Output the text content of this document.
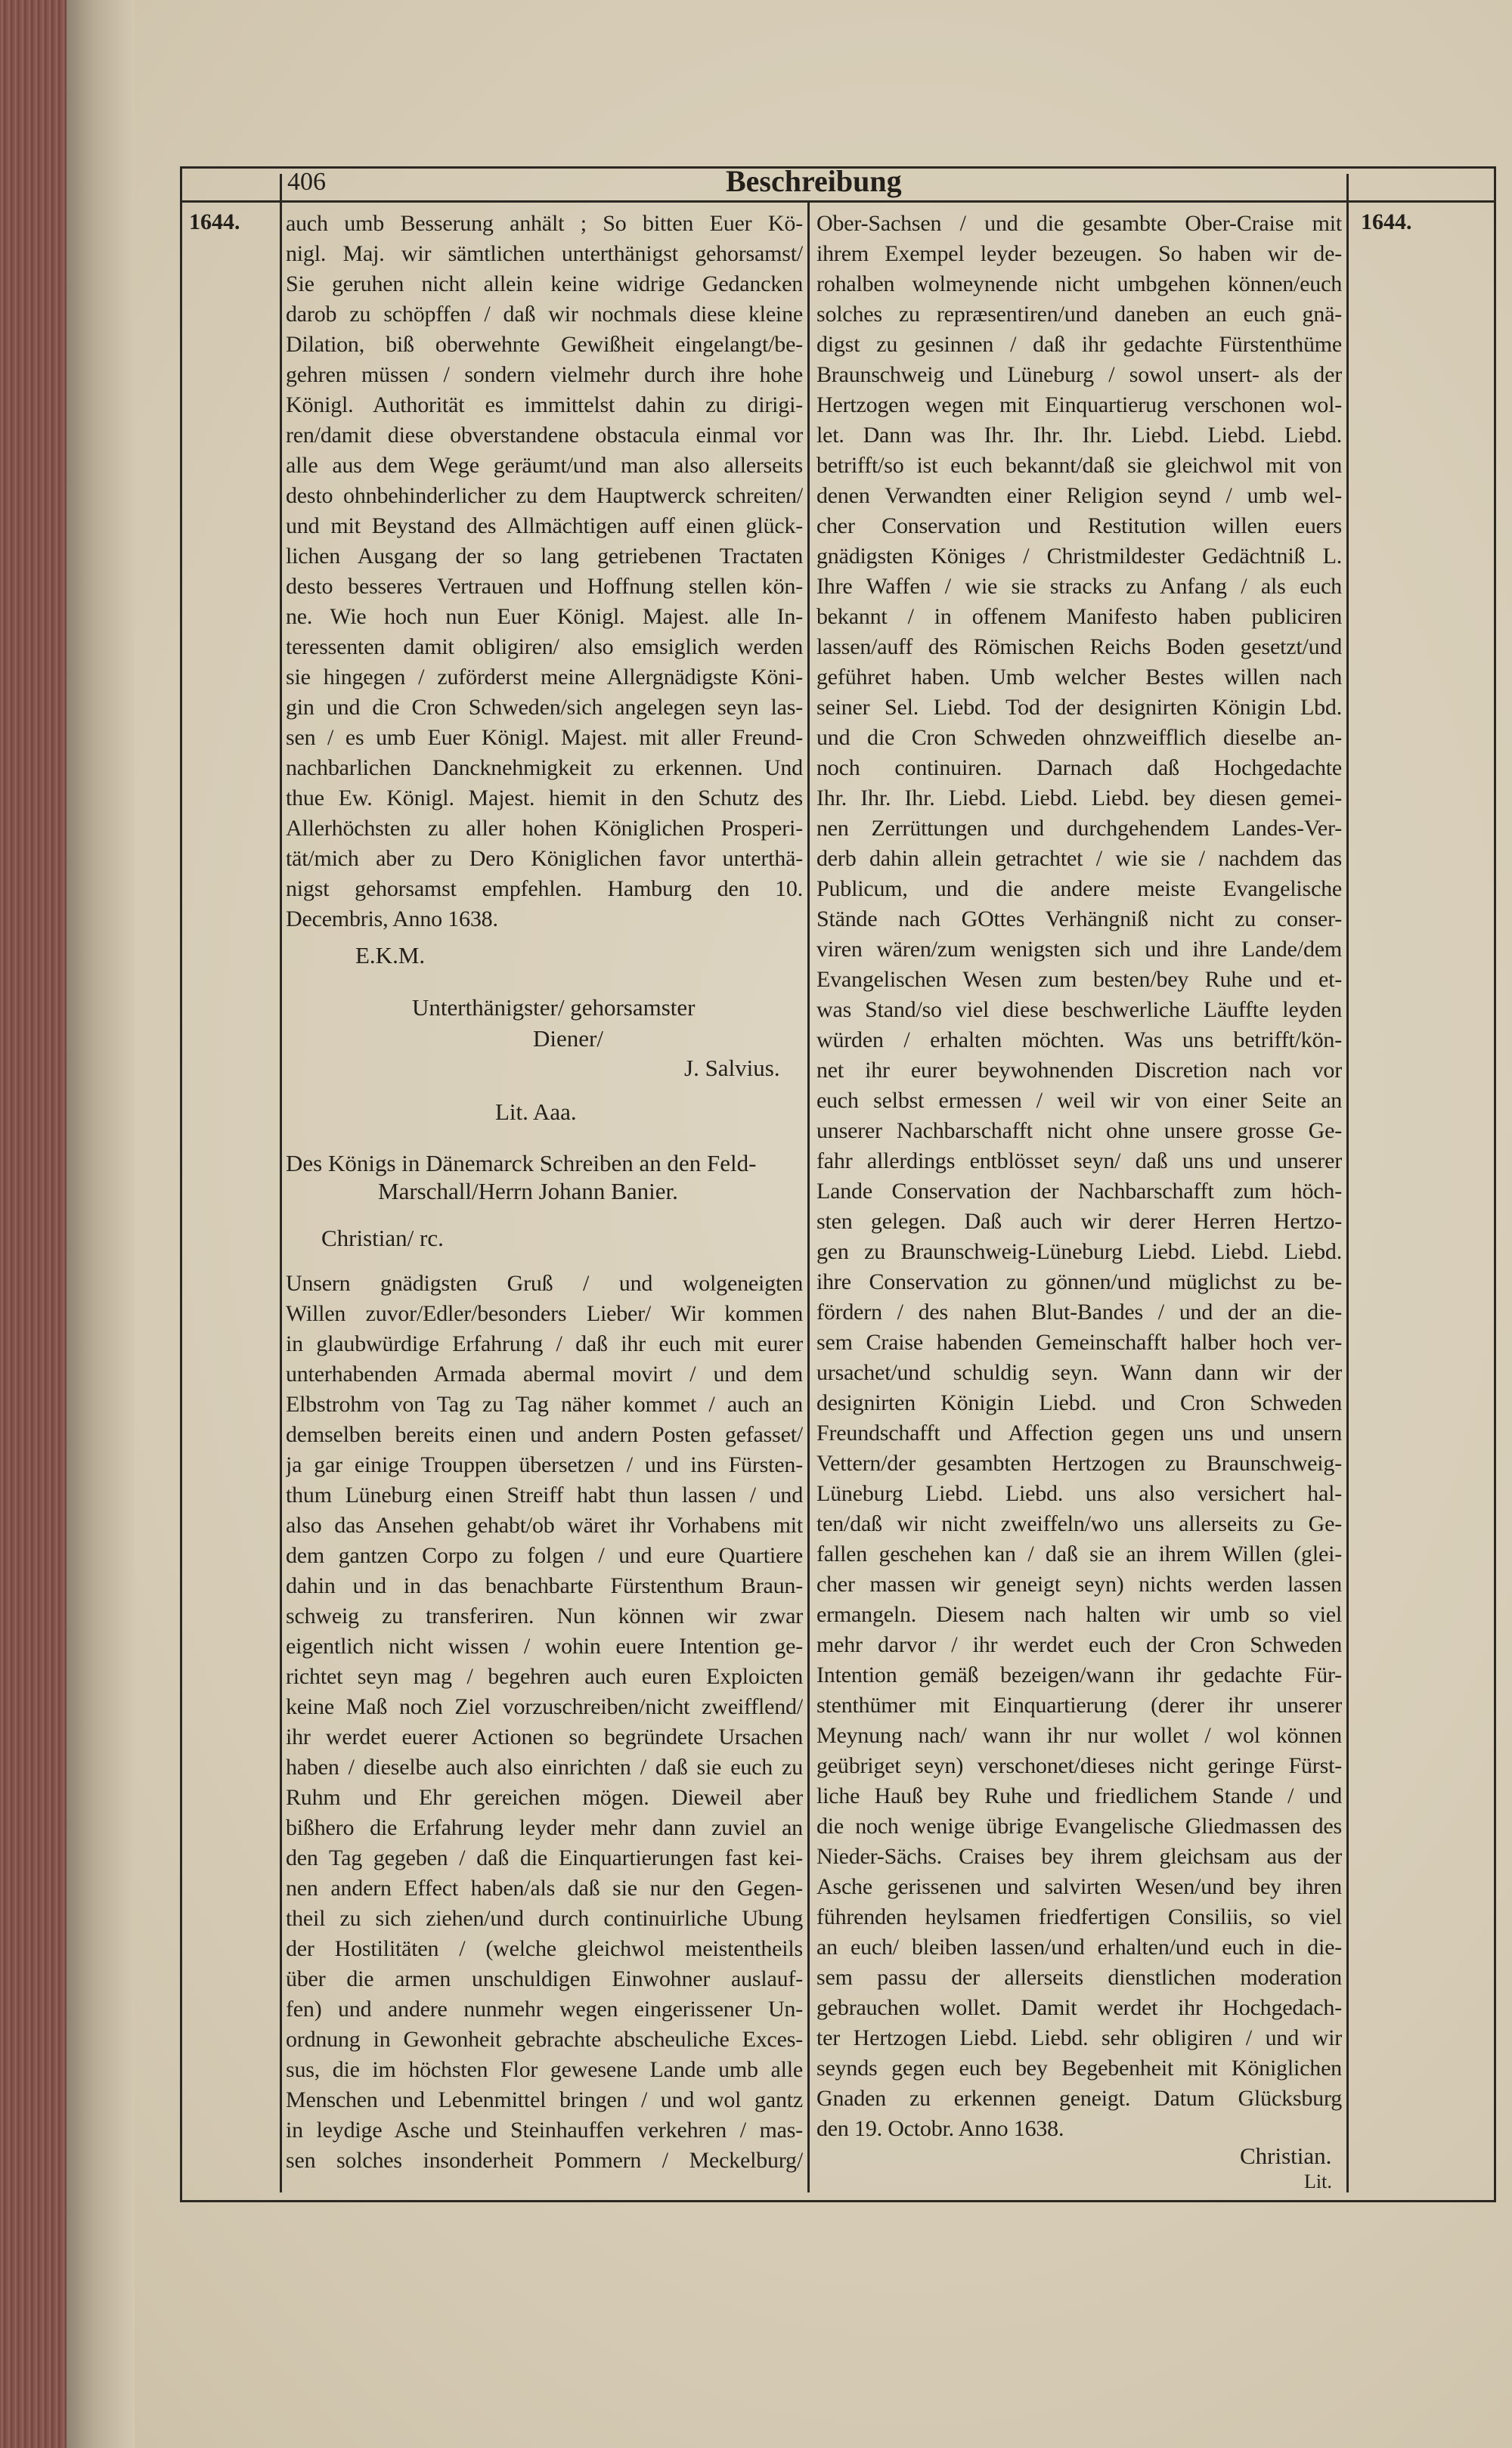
406	Beschreibung
1644.	1644.
auch umb Besserung anhält ; So bitten Euer Kö-
nigl. Maj. wir sämtlichen unterthänigst gehorsamst/
Sie geruhen nicht allein keine widrige Gedancken
darob zu schöpffen / daß wir nochmals diese kleine
Dilation, biß oberwehnte Gewißheit eingelangt/be-
gehren müssen / sondern vielmehr durch ihre hohe
Königl. Authorität es immittelst dahin zu dirigi-
ren/damit diese obverstandene obstacula einmal vor
alle aus dem Wege geräumt/und man also allerseits
desto ohnbehinderlicher zu dem Hauptwerck schreiten/
und mit Beystand des Allmächtigen auff einen glück-
lichen Ausgang der so lang getriebenen Tractaten
desto besseres Vertrauen und Hoffnung stellen kön-
ne. Wie hoch nun Euer Königl. Majest. alle In-
teressenten damit obligiren/ also emsiglich werden
sie hingegen / zuförderst meine Allergnädigste Köni-
gin und die Cron Schweden/sich angelegen seyn las-
sen / es umb Euer Königl. Majest. mit aller Freund-
nachbarlichen Dancknehmigkeit zu erkennen. Und
thue Ew. Königl. Majest. hiemit in den Schutz des
Allerhöchsten zu aller hohen Königlichen Prosperi-
tät/mich aber zu Dero Königlichen favor unterthä-
nigst gehorsamst empfehlen. Hamburg den 10.
Decembris, Anno 1638.
E.K.M.
Unterthänigster/ gehorsamster
Diener/
J. Salvius.
Lit. Aaa.
Des Königs in Dänemarck Schreiben an den Feld-
Marschall/Herrn Johann Banier.
Christian/ rc.
Unsern gnädigsten Gruß / und wolgeneigten
Willen zuvor/Edler/besonders Lieber/ Wir kommen
in glaubwürdige Erfahrung / daß ihr euch mit eurer
unterhabenden Armada abermal movirt / und dem
Elbstrohm von Tag zu Tag näher kommet / auch an
demselben bereits einen und andern Posten gefasset/
ja gar einige Trouppen übersetzen / und ins Fürsten-
thum Lüneburg einen Streiff habt thun lassen / und
also das Ansehen gehabt/ob wäret ihr Vorhabens mit
dem gantzen Corpo zu folgen / und eure Quartiere
dahin und in das benachbarte Fürstenthum Braun-
schweig zu transferiren. Nun können wir zwar
eigentlich nicht wissen / wohin euere Intention ge-
richtet seyn mag / begehren auch euren Exploicten
keine Maß noch Ziel vorzuschreiben/nicht zweifflend/
ihr werdet euerer Actionen so begründete Ursachen
haben / dieselbe auch also einrichten / daß sie euch zu
Ruhm und Ehr gereichen mögen. Dieweil aber
bißhero die Erfahrung leyder mehr dann zuviel an
den Tag gegeben / daß die Einquartierungen fast kei-
nen andern Effect haben/als daß sie nur den Gegen-
theil zu sich ziehen/und durch continuirliche Ubung
der Hostilitäten / (welche gleichwol meistentheils
über die armen unschuldigen Einwohner auslauf-
fen) und andere nunmehr wegen eingerissener Un-
ordnung in Gewonheit gebrachte abscheuliche Exces-
sus, die im höchsten Flor gewesene Lande umb alle
Menschen und Lebenmittel bringen / und wol gantz
in leydige Asche und Steinhauffen verkehren / mas-
sen solches insonderheit Pommern / Meckelburg/
Ober-Sachsen / und die gesambte Ober-Craise mit
ihrem Exempel leyder bezeugen. So haben wir de-
rohalben wolmeynende nicht umbgehen können/euch
solches zu repræsentiren/und daneben an euch gnä-
digst zu gesinnen / daß ihr gedachte Fürstenthüme
Braunschweig und Lüneburg / sowol unsert- als der
Hertzogen wegen mit Einquartierug verschonen wol-
let. Dann was Ihr. Ihr. Ihr. Liebd. Liebd. Liebd.
betrifft/so ist euch bekannt/daß sie gleichwol mit von
denen Verwandten einer Religion seynd / umb wel-
cher Conservation und Restitution willen euers
gnädigsten Königes / Christmildester Gedächtniß L.
Ihre Waffen / wie sie stracks zu Anfang / als euch
bekannt / in offenem Manifesto haben publiciren
lassen/auff des Römischen Reichs Boden gesetzt/und
geführet haben. Umb welcher Bestes willen nach
seiner Sel. Liebd. Tod der designirten Königin Lbd.
und die Cron Schweden ohnzweifflich dieselbe an-
noch continuiren. Darnach daß Hochgedachte
Ihr. Ihr. Ihr. Liebd. Liebd. Liebd. bey diesen gemei-
nen Zerrüttungen und durchgehendem Landes-Ver-
derb dahin allein getrachtet / wie sie / nachdem das
Publicum, und die andere meiste Evangelische
Stände nach GOttes Verhängniß nicht zu conser-
viren wären/zum wenigsten sich und ihre Lande/dem
Evangelischen Wesen zum besten/bey Ruhe und et-
was Stand/so viel diese beschwerliche Läuffte leyden
würden / erhalten möchten. Was uns betrifft/kön-
net ihr eurer beywohnenden Discretion nach vor
euch selbst ermessen / weil wir von einer Seite an
unserer Nachbarschafft nicht ohne unsere grosse Ge-
fahr allerdings entblösset seyn/ daß uns und unserer
Lande Conservation der Nachbarschafft zum höch-
sten gelegen. Daß auch wir derer Herren Hertzo-
gen zu Braunschweig-Lüneburg Liebd. Liebd. Liebd.
ihre Conservation zu gönnen/und müglichst zu be-
fördern / des nahen Blut-Bandes / und der an die-
sem Craise habenden Gemeinschafft halber hoch ver-
ursachet/und schuldig seyn. Wann dann wir der
designirten Königin Liebd. und Cron Schweden
Freundschafft und Affection gegen uns und unsern
Vettern/der gesambten Hertzogen zu Braunschweig-
Lüneburg Liebd. Liebd. uns also versichert hal-
ten/daß wir nicht zweiffeln/wo uns allerseits zu Ge-
fallen geschehen kan / daß sie an ihrem Willen (glei-
cher massen wir geneigt seyn) nichts werden lassen
ermangeln. Diesem nach halten wir umb so viel
mehr darvor / ihr werdet euch der Cron Schweden
Intention gemäß bezeigen/wann ihr gedachte Für-
stenthümer mit Einquartierung (derer ihr unserer
Meynung nach/ wann ihr nur wollet / wol können
geübriget seyn) verschonet/dieses nicht geringe Fürst-
liche Hauß bey Ruhe und friedlichem Stande / und
die noch wenige übrige Evangelische Gliedmassen des
Nieder-Sächs. Craises bey ihrem gleichsam aus der
Asche gerissenen und salvirten Wesen/und bey ihren
führenden heylsamen friedfertigen Consiliis, so viel
an euch/ bleiben lassen/und erhalten/und euch in die-
sem passu der allerseits dienstlichen moderation
gebrauchen wollet. Damit werdet ihr Hochgedach-
ter Hertzogen Liebd. Liebd. sehr obligiren / und wir
seynds gegen euch bey Begebenheit mit Königlichen
Gnaden zu erkennen geneigt. Datum Glücksburg
den 19. Octobr. Anno 1638.
Christian.
Lit.
